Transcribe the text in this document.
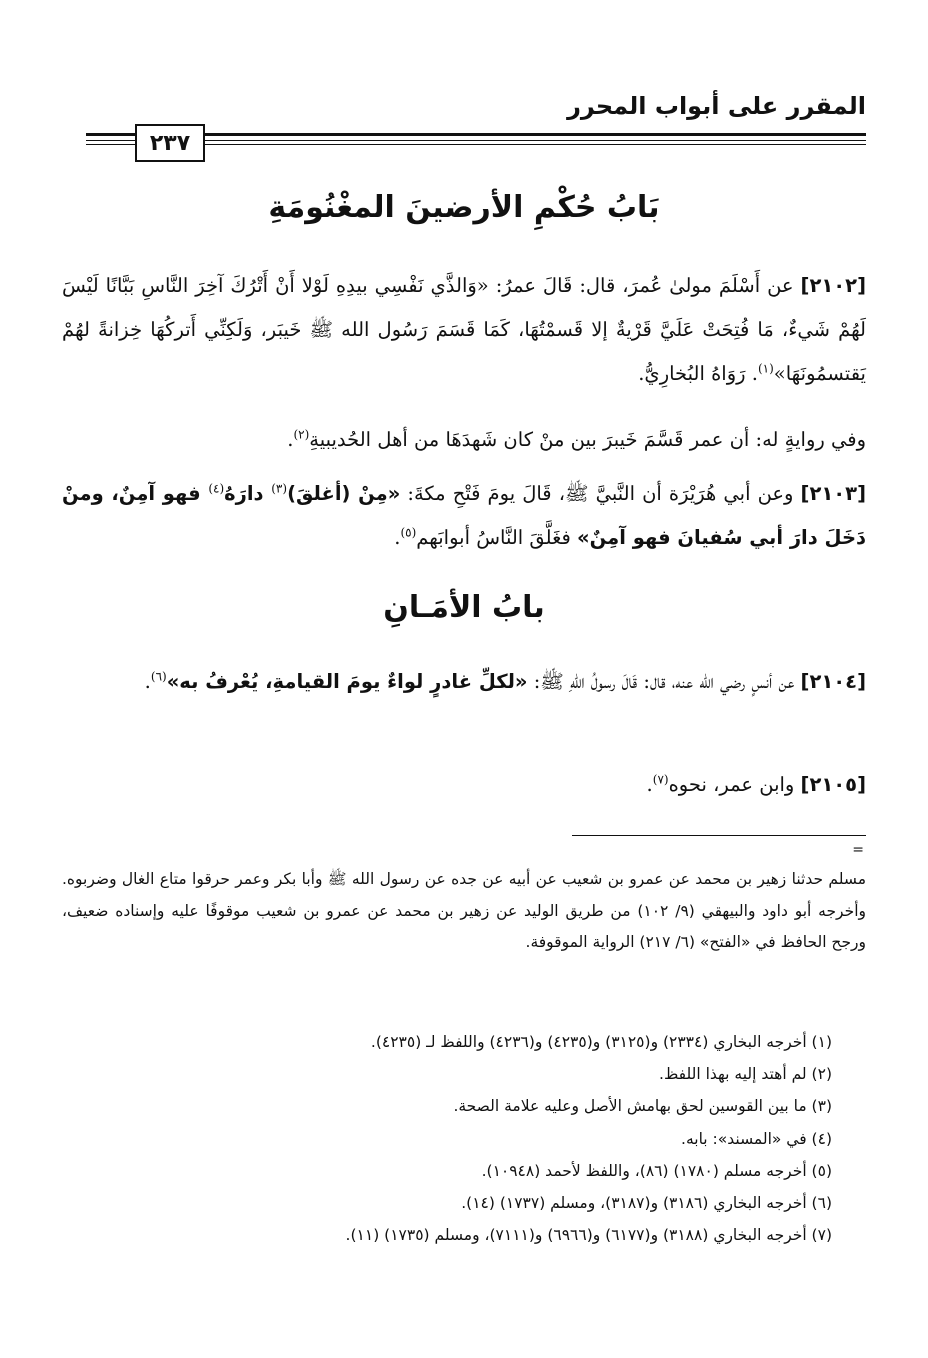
المقرر على أبواب المحرر
٢٣٧
بَابُ حُكْمِ الأرضينَ المغْنُومَةِ
[٢١٠٢] عن أَسْلَمَ مولىٰ عُمرَ، قال: قَالَ عمرُ: «وَالذَّي نَفْسِي بيدِهِ لَوْلا أَنْ أَتْرُكَ آخِرَ النَّاسِ بَبَّانًا لَيْسَ لَهُمْ شَيءٌ، مَا فُتِحَتْ عَلَيَّ قَرْيةٌ إلا قَسمْتُهَا، كَمَا قَسَمَ رَسُول الله ﷺ خَيبَر، وَلَكِنِّي أَتركُهَا خِزانةً لهُمْ يَقتسمُونَهَا»$^{(١)}$. رَوَاهُ البُخارِيُّ.
وفي روايةٍ له: أن عمر قَسَّمَ خَيبرَ بين منْ كان شَهدَهَا من أهل الحُديبيةِ$^{(٢)}$.
[٢١٠٣] وعن أبي هُرَيْرَة أن النَّبيَّ ﷺ، قَالَ يومَ فَتْحِ مكةَ: «مِنْ (أغلقَ)$^{(٣)}$ دارَهُ$^{(٤)}$ فهو آمِنٌ، ومنْ دَخَلَ دارَ أبي سُفيانَ فهو آمِنٌ» فغَلَّقَ النَّاسُ أبوابَهم$^{(٥)}$.
بابُ الأمَـانِ
[٢١٠٤] عن أنسٍ رضي الله عنه، قال: قَالَ رسولُ اللهِ ﷺ: «لكلِّ غادرٍ لواءٌ يومَ القيامةِ، يُعْرفُ به»$^{(٦)}$.
[٢١٠٥] وابن عمر، نحوه$^{(٧)}$.
=
مسلم حدثنا زهير بن محمد عن عمرو بن شعيب عن أبيه عن جده عن رسول الله ﷺ وأبا بكر وعمر حرقوا متاع الغال وضربوه. وأخرجه أبو داود والبيهقي (٩/ ١٠٢) من طريق الوليد عن زهير بن محمد عن عمرو بن شعيب موقوفًا عليه وإسناده ضعيف، ورجح الحافظ في «الفتح» (٦/ ٢١٧) الرواية الموقوفة.
(١) أخرجه البخاري (٢٣٣٤) و(٣١٢٥) و(٤٢٣٥) و(٤٢٣٦) واللفظ لـ (٤٢٣٥).
(٢) لم أهتد إليه بهذا اللفظ.
(٣) ما بين القوسين لحق بهامش الأصل وعليه علامة الصحة.
(٤) في «المسند»: بابه.
(٥) أخرجه مسلم (١٧٨٠) (٨٦)، واللفظ لأحمد (١٠٩٤٨).
(٦) أخرجه البخاري (٣١٨٦) و(٣١٨٧)، ومسلم (١٧٣٧) (١٤).
(٧) أخرجه البخاري (٣١٨٨) و(٦١٧٧) و(٦٩٦٦) و(٧١١١)، ومسلم (١٧٣٥) (١١).
